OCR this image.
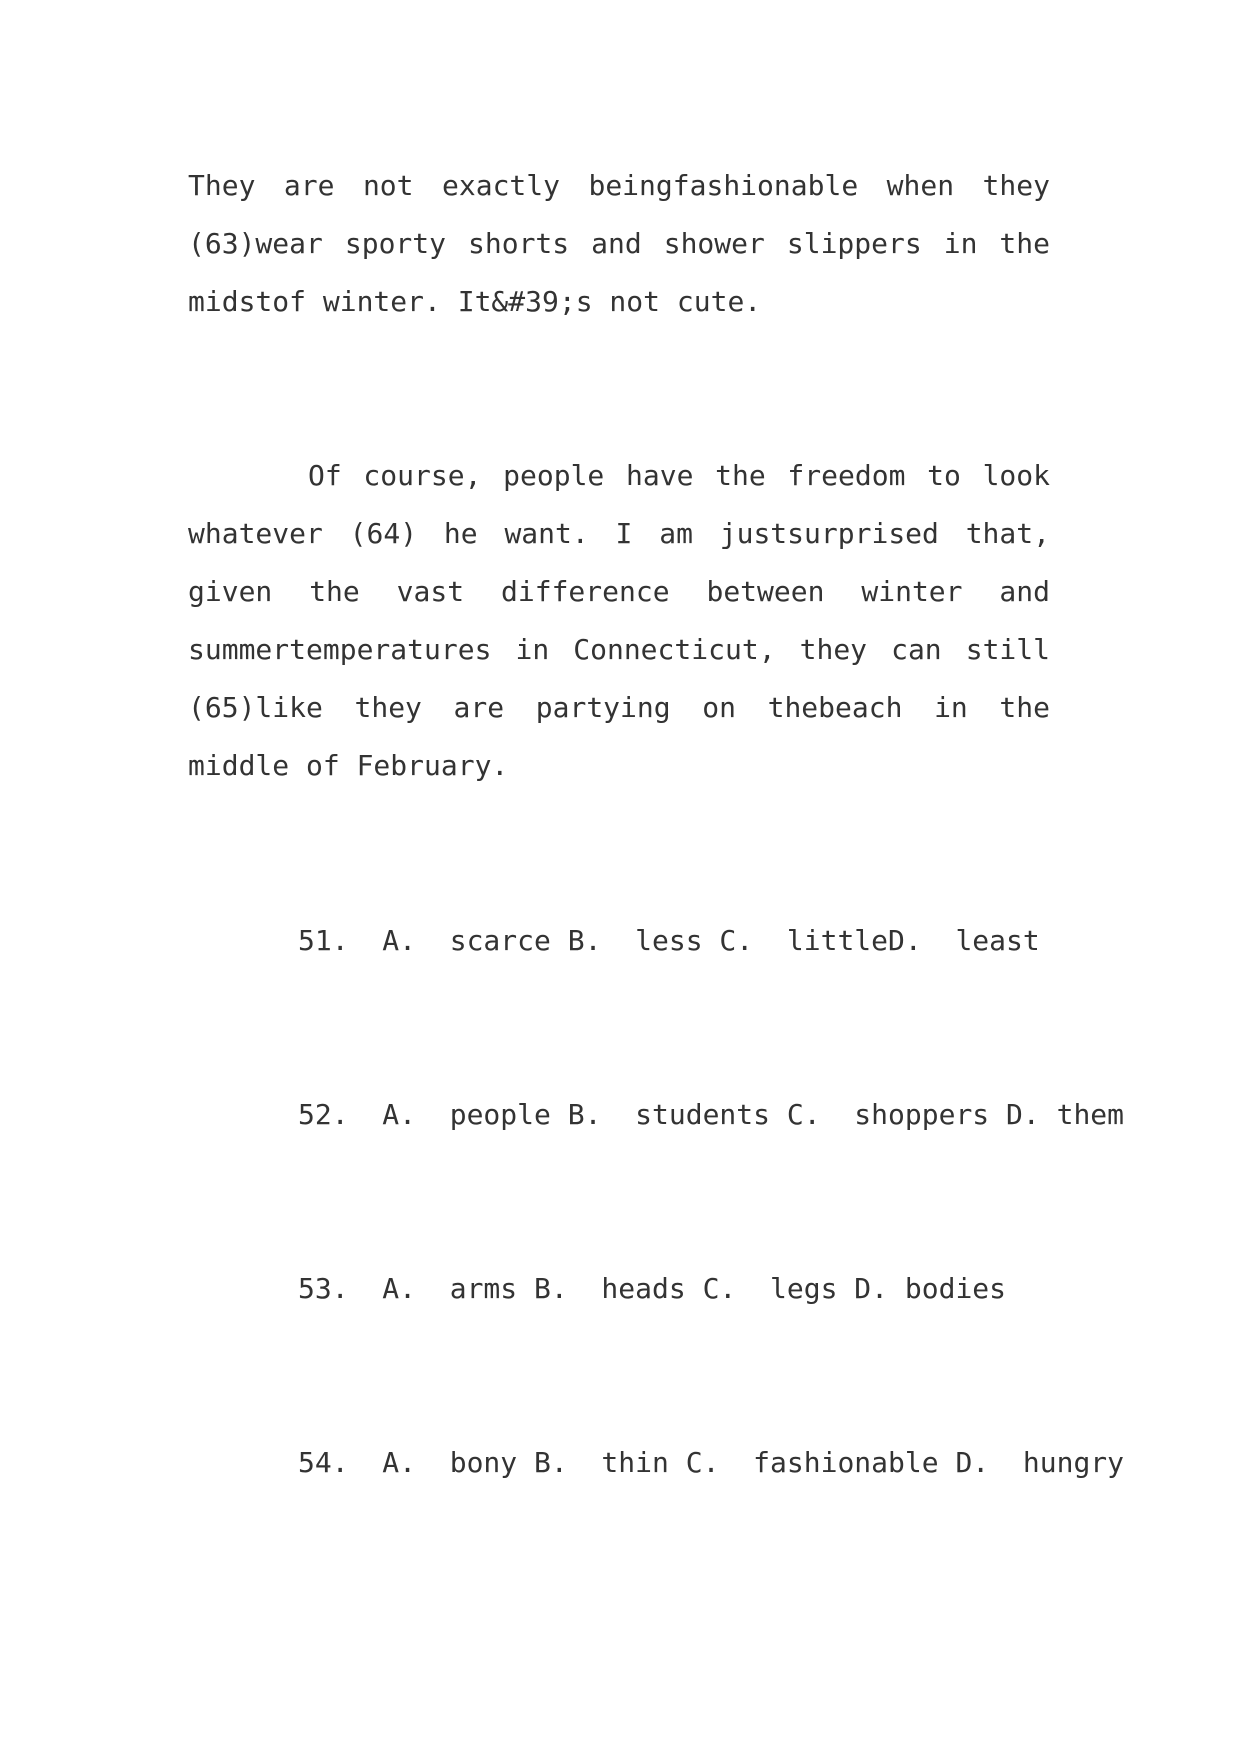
They are not exactly beingfashionable when they (63)wear sporty shorts and shower slippers in the midstof winter. It&#39;s not cute.

Of course, people have the freedom to look whatever (64) he want. I am justsurprised that, given the vast difference between winter and summertemperatures in Connecticut, they can still (65)like they are partying on thebeach in the middle of February.

51.  A.  scarce B.  less C.  littleD.  least

52.  A.  people B.  students C.  shoppers D. them

53.  A.  arms B.  heads C.  legs D. bodies

54.  A.  bony B.  thin C.  fashionable D.  hungry
